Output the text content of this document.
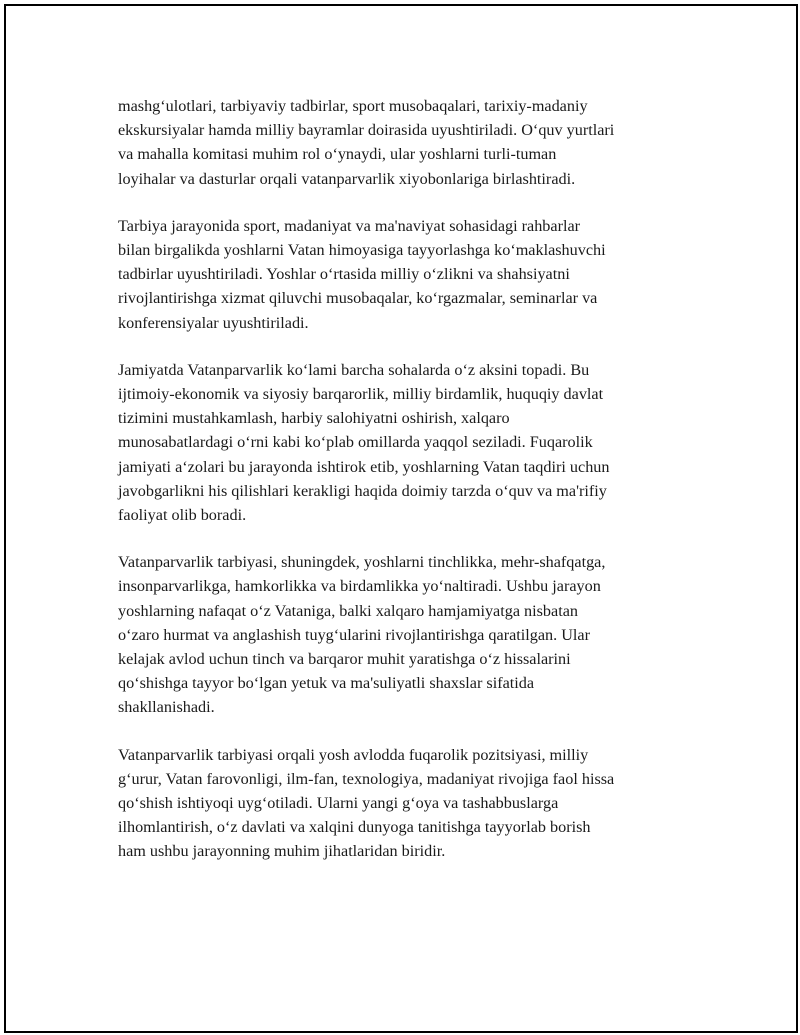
mashg‘ulotlari, tarbiyaviy tadbirlar, sport musobaqalari, tarixiy-madaniy
ekskursiyalar hamda milliy bayramlar doirasida uyushtiriladi. O‘quv yurtlari
va mahalla komitasi muhim rol o‘ynaydi, ular yoshlarni turli-tuman
loyihalar va dasturlar orqali vatanparvarlik xiyobonlariga birlashtiradi.

Tarbiya jarayonida sport, madaniyat va ma'naviyat sohasidagi rahbarlar
bilan birgalikda yoshlarni Vatan himoyasiga tayyorlashga ko‘maklashuvchi
tadbirlar uyushtiriladi. Yoshlar o‘rtasida milliy o‘zlikni va shahsiyatni
rivojlantirishga xizmat qiluvchi musobaqalar, ko‘rgazmalar, seminarlar va
konferensiyalar uyushtiriladi.

Jamiyatda Vatanparvarlik ko‘lami barcha sohalarda o‘z aksini topadi. Bu
ijtimoiy-ekonomik va siyosiy barqarorlik, milliy birdamlik, huquqiy davlat
tizimini mustahkamlash, harbiy salohiyatni oshirish, xalqaro
munosabatlardagi o‘rni kabi ko‘plab omillarda yaqqol seziladi. Fuqarolik
jamiyati a‘zolari bu jarayonda ishtirok etib, yoshlarning Vatan taqdiri uchun
javobgarlikni his qilishlari kerakligi haqida doimiy tarzda o‘quv va ma'rifiy
faoliyat olib boradi.

Vatanparvarlik tarbiyasi, shuningdek, yoshlarni tinchlikka, mehr-shafqatga,
insonparvarlikga, hamkorlikka va birdamlikka yo‘naltiradi. Ushbu jarayon
yoshlarning nafaqat o‘z Vataniga, balki xalqaro hamjamiyatga nisbatan
o‘zaro hurmat va anglashish tuyg‘ularini rivojlantirishga qaratilgan. Ular
kelajak avlod uchun tinch va barqaror muhit yaratishga o‘z hissalarini
qo‘shishga tayyor bo‘lgan yetuk va ma'suliyatli shaxslar sifatida
shakllanishadi.

Vatanparvarlik tarbiyasi orqali yosh avlodda fuqarolik pozitsiyasi, milliy
g‘urur, Vatan farovonligi, ilm-fan, texnologiya, madaniyat rivojiga faol hissa
qo‘shish ishtiyoqi uyg‘otiladi. Ularni yangi g‘oya va tashabbuslarga
ilhomlantirish, o‘z davlati va xalqini dunyoga tanitishga tayyorlab borish
ham ushbu jarayonning muhim jihatlaridan biridir.
